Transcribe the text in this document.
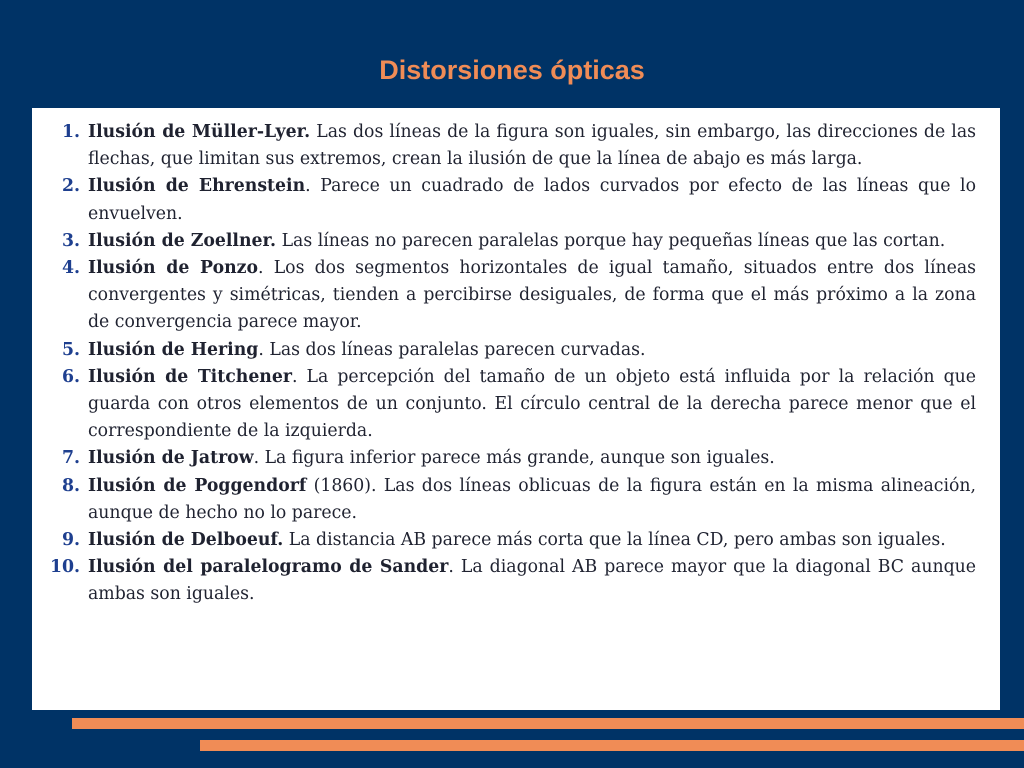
Distorsiones ópticas
1. Ilusión de Müller-Lyer. Las dos líneas de la figura son iguales, sin embargo, las direcciones de las flechas, que limitan sus extremos, crean la ilusión de que la línea de abajo es más larga.
2. Ilusión de Ehrenstein. Parece un cuadrado de lados curvados por efecto de las líneas que lo envuelven.
3. Ilusión de Zoellner. Las líneas no parecen paralelas porque hay pequeñas líneas que las cortan.
4. Ilusión de Ponzo. Los dos segmentos horizontales de igual tamaño, situados entre dos líneas convergentes y simétricas, tienden a percibirse desiguales, de forma que el más próximo a la zona de convergencia parece mayor.
5. Ilusión de Hering. Las dos líneas paralelas parecen curvadas.
6. Ilusión de Titchener. La percepción del tamaño de un objeto está influida por la relación que guarda con otros elementos de un conjunto. El círculo central de la derecha parece menor que el correspondiente de la izquierda.
7. Ilusión de Jatrow. La figura inferior parece más grande, aunque son iguales.
8. Ilusión de Poggendorf (1860). Las dos líneas oblicuas de la figura están en la misma alineación, aunque de hecho no lo parece.
9. Ilusión de Delboeuf. La distancia AB parece más corta que la línea CD, pero ambas son iguales.
10. Ilusión del paralelogramo de Sander. La diagonal AB parece mayor que la diagonal BC aunque ambas son iguales.
